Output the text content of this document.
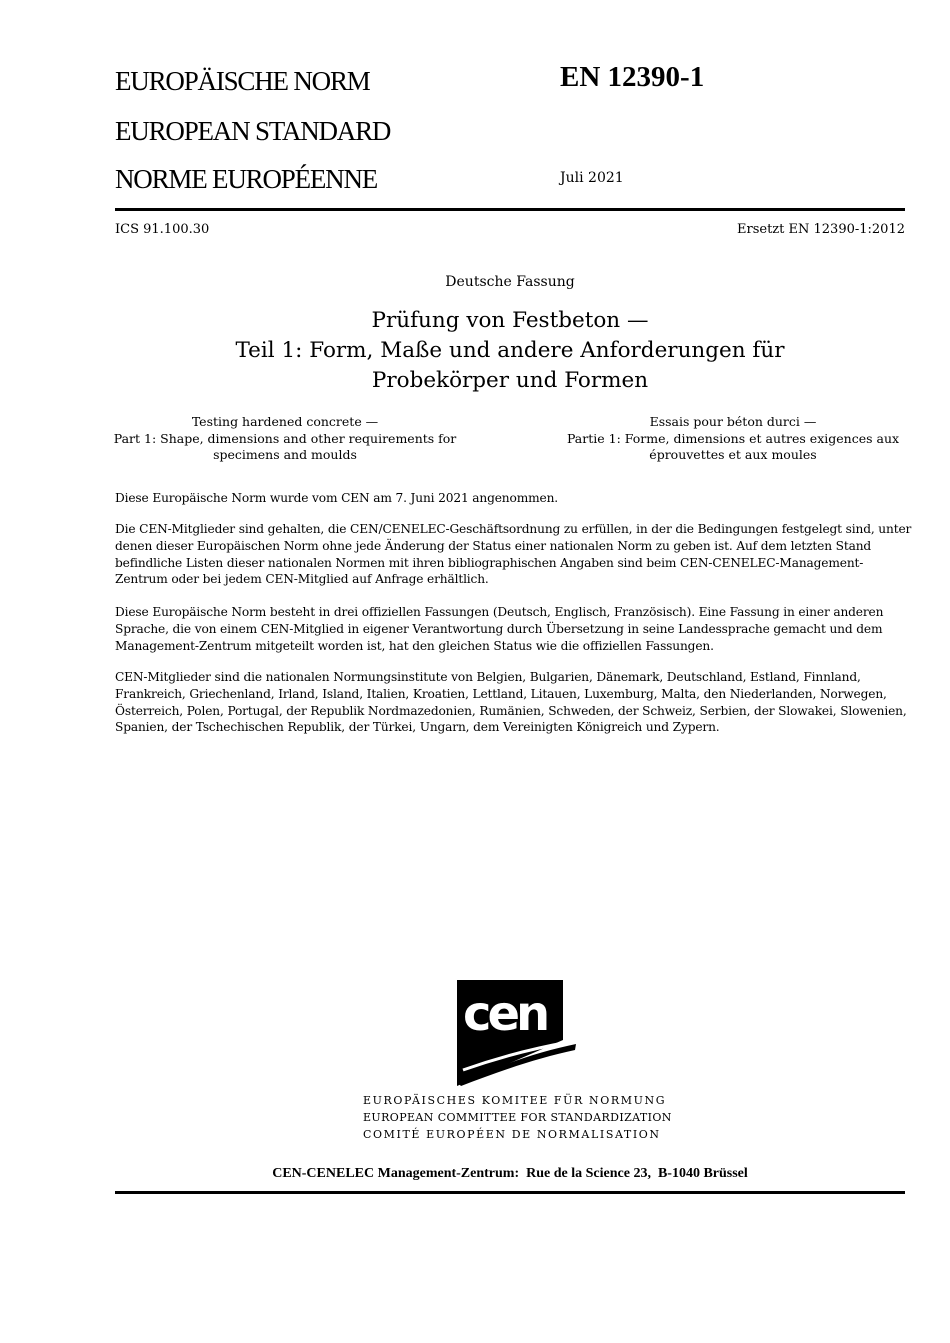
EUROPÄISCHE NORM
EUROPEAN STANDARD
NORME EUROPÉENNE
EN 12390-1
Juli 2021
ICS 91.100.30	Ersetzt EN 12390-1:2012
Deutsche Fassung
Prüfung von Festbeton —
Teil 1: Form, Maße und andere Anforderungen für
Probekörper und Formen
Testing hardened concrete —
Part 1: Shape, dimensions and other requirements for
specimens and moulds
Essais pour béton durci —
Partie 1: Forme, dimensions et autres exigences aux
éprouvettes et aux moules
Diese Europäische Norm wurde vom CEN am 7. Juni 2021 angenommen.
Die CEN-Mitglieder sind gehalten, die CEN/CENELEC-Geschäftsordnung zu erfüllen, in der die Bedingungen festgelegt sind, unter denen dieser Europäischen Norm ohne jede Änderung der Status einer nationalen Norm zu geben ist. Auf dem letzten Stand befindliche Listen dieser nationalen Normen mit ihren bibliographischen Angaben sind beim CEN-CENELEC-Management-Zentrum oder bei jedem CEN-Mitglied auf Anfrage erhältlich.
Diese Europäische Norm besteht in drei offiziellen Fassungen (Deutsch, Englisch, Französisch). Eine Fassung in einer anderen Sprache, die von einem CEN-Mitglied in eigener Verantwortung durch Übersetzung in seine Landessprache gemacht und dem Management-Zentrum mitgeteilt worden ist, hat den gleichen Status wie die offiziellen Fassungen.
CEN-Mitglieder sind die nationalen Normungsinstitute von Belgien, Bulgarien, Dänemark, Deutschland, Estland, Finnland, Frankreich, Griechenland, Irland, Island, Italien, Kroatien, Lettland, Litauen, Luxemburg, Malta, den Niederlanden, Norwegen, Österreich, Polen, Portugal, der Republik Nordmazedonien, Rumänien, Schweden, der Schweiz, Serbien, der Slowakei, Slowenien, Spanien, der Tschechischen Republik, der Türkei, Ungarn, dem Vereinigten Königreich und Zypern.
cen
EUROPÄISCHES KOMITEE FÜR NORMUNG
EUROPEAN COMMITTEE FOR STANDARDIZATION
COMITÉ EUROPÉEN DE NORMALISATION
CEN-CENELEC Management-Zentrum:  Rue de la Science 23,  B-1040 Brüssel
